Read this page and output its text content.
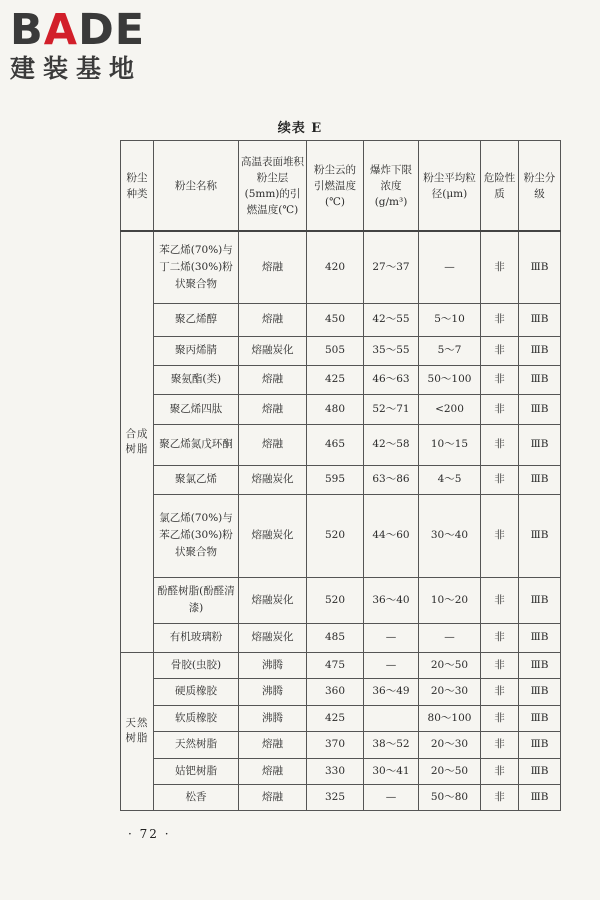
BADE
建装基地
续表 E
粉尘种类	粉尘名称	高温表面堆积粉尘层(5mm)的引燃温度(℃)	粉尘云的引燃温度(℃)	爆炸下限浓度(g/m³)	粉尘平均粒径(μm)	危险性质	粉尘分级
合成树脂	苯乙烯(70%)与丁二烯(30%)粉状聚合物	熔融	420	27～37	—	非	ⅢB
	聚乙烯醇	熔融	450	42～55	5～10	非	ⅢB
	聚丙烯腈	熔融炭化	505	35～55	5～7	非	ⅢB
	聚氨酯(类)	熔融	425	46～63	50～100	非	ⅢB
	聚乙烯四肽	熔融	480	52～71	<200	非	ⅢB
	聚乙烯氮戊环酮	熔融	465	42～58	10～15	非	ⅢB
	聚氯乙烯	熔融炭化	595	63～86	4～5	非	ⅢB
	氯乙烯(70%)与苯乙烯(30%)粉状聚合物	熔融炭化	520	44～60	30～40	非	ⅢB
	酚醛树脂(酚醛清漆)	熔融炭化	520	36～40	10～20	非	ⅢB
	有机玻璃粉	熔融炭化	485	—	—	非	ⅢB
天然树脂	骨胶(虫胶)	沸腾	475	—	20～50	非	ⅢB
	硬质橡胶	沸腾	360	36～49	20～30	非	ⅢB
	软质橡胶	沸腾	425		80～100	非	ⅢB
	天然树脂	熔融	370	38～52	20～30	非	ⅢB
	姑钯树脂	熔融	330	30～41	20～50	非	ⅢB
	松香	熔融	325	—	50～80	非	ⅢB
· 72 ·
